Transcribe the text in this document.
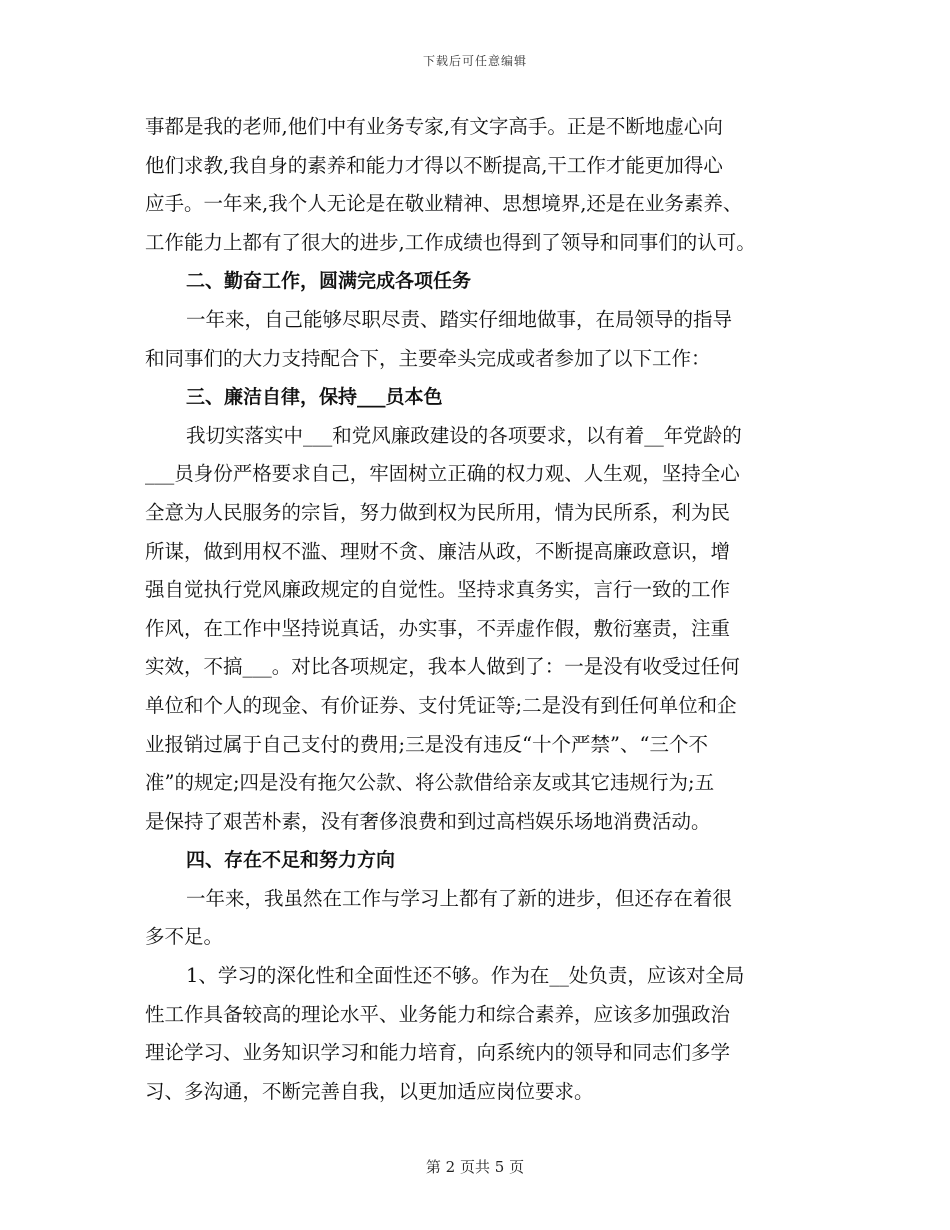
下载后可任意编辑
事都是我的老师,他们中有业务专家,有文字高手。正是不断地虚心向
他们求教,我自身的素养和能力才得以不断提高,干工作才能更加得心
应手。一年来,我个人无论是在敬业精神、思想境界,还是在业务素养、
工作能力上都有了很大的进步,工作成绩也得到了领导和同事们的认可。
二、勤奋工作，圆满完成各项任务
一年来，自己能够尽职尽责、踏实仔细地做事，在局领导的指导
和同事们的大力支持配合下，主要牵头完成或者参加了以下工作：
三、廉洁自律，保持___员本色
我切实落实中___和党风廉政建设的各项要求，以有着__年党龄的
___员身份严格要求自己，牢固树立正确的权力观、人生观，坚持全心
全意为人民服务的宗旨，努力做到权为民所用，情为民所系，利为民
所谋，做到用权不滥、理财不贪、廉洁从政，不断提高廉政意识，增
强自觉执行党风廉政规定的自觉性。坚持求真务实，言行一致的工作
作风，在工作中坚持说真话，办实事，不弄虚作假，敷衍塞责，注重
实效，不搞___。对比各项规定，我本人做到了：一是没有收受过任何
单位和个人的现金、有价证券、支付凭证等;二是没有到任何单位和企
业报销过属于自己支付的费用;三是没有违反“十个严禁”、“三个不
准”的规定;四是没有拖欠公款、将公款借给亲友或其它违规行为;五
是保持了艰苦朴素，没有奢侈浪费和到过高档娱乐场地消费活动。
四、存在不足和努力方向
一年来，我虽然在工作与学习上都有了新的进步，但还存在着很
多不足。
1、学习的深化性和全面性还不够。作为在__处负责，应该对全局
性工作具备较高的理论水平、业务能力和综合素养，应该多加强政治
理论学习、业务知识学习和能力培育，向系统内的领导和同志们多学
习、多沟通，不断完善自我，以更加适应岗位要求。
第 2 页共 5 页
